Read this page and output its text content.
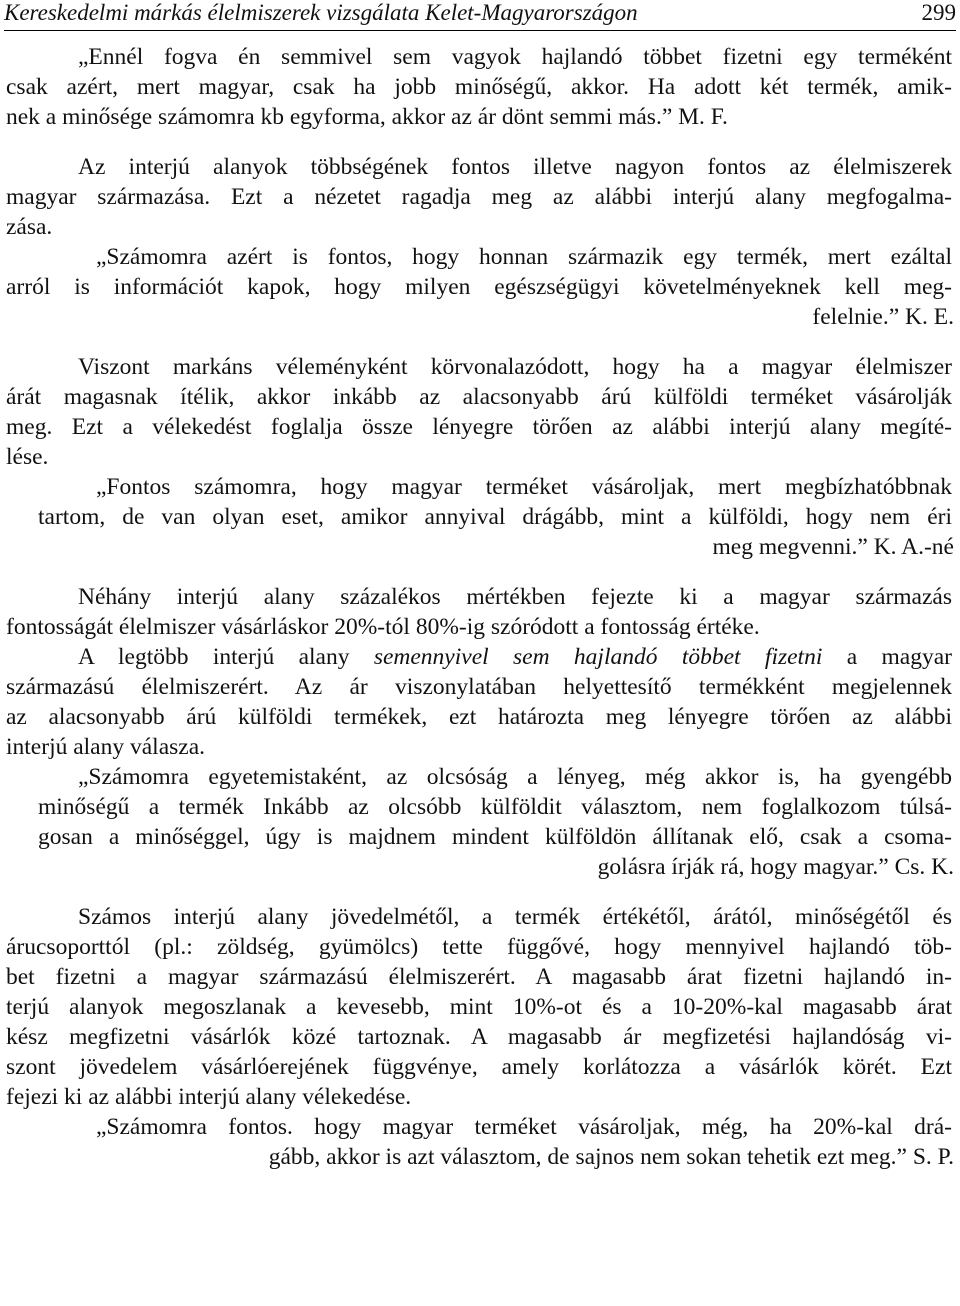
Kereskedelmi márkás élelmiszerek vizsgálata Kelet-Magyarországon	299
„Ennél fogva én semmivel sem vagyok hajlandó többet fizetni egy terméként
csak azért, mert magyar, csak ha jobb minőségű, akkor. Ha adott két termék, amik-
nek a minősége számomra kb egyforma, akkor az ár dönt semmi más.” M. F.
Az interjú alanyok többségének fontos illetve nagyon fontos az élelmiszerek
magyar származása. Ezt a nézetet ragadja meg az alábbi interjú alany megfogalma-
zása.
„Számomra azért is fontos, hogy honnan származik egy termék, mert ezáltal
arról is információt kapok, hogy milyen egészségügyi követelményeknek kell meg-
felelnie.” K. E.
Viszont markáns véleményként körvonalazódott, hogy ha a magyar élelmiszer
árát magasnak ítélik, akkor inkább az alacsonyabb árú külföldi terméket vásárolják
meg. Ezt a vélekedést foglalja össze lényegre törően az alábbi interjú alany megíté-
lése.
„Fontos számomra, hogy magyar terméket vásároljak, mert megbízhatóbbnak
tartom, de van olyan eset, amikor annyival drágább, mint a külföldi, hogy nem éri
meg megvenni.” K. A.-né
Néhány interjú alany százalékos mértékben fejezte ki a magyar származás
fontosságát élelmiszer vásárláskor 20%-tól 80%-ig szóródott a fontosság értéke.
A legtöbb interjú alany semennyivel sem hajlandó többet fizetni a magyar
származású élelmiszerért. Az ár viszonylatában helyettesítő termékként megjelennek
az alacsonyabb árú külföldi termékek, ezt határozta meg lényegre törően az alábbi
interjú alany válasza.
„Számomra egyetemistaként, az olcsóság a lényeg, még akkor is, ha gyengébb
minőségű a termék Inkább az olcsóbb külföldit választom, nem foglalkozom túlsá-
gosan a minőséggel, úgy is majdnem mindent külföldön állítanak elő, csak a csoma-
golásra írják rá, hogy magyar.” Cs. K.
Számos interjú alany jövedelmétől, a termék értékétől, árától, minőségétől és
árucsoporttól (pl.: zöldség, gyümölcs) tette függővé, hogy mennyivel hajlandó töb-
bet fizetni a magyar származású élelmiszerért. A magasabb árat fizetni hajlandó in-
terjú alanyok megoszlanak a kevesebb, mint 10%-ot és a 10-20%-kal magasabb árat
kész megfizetni vásárlók közé tartoznak. A magasabb ár megfizetési hajlandóság vi-
szont jövedelem vásárlóerejének függvénye, amely korlátozza a vásárlók körét. Ezt
fejezi ki az alábbi interjú alany vélekedése.
„Számomra fontos. hogy magyar terméket vásároljak, még, ha 20%-kal drá-
gább, akkor is azt választom, de sajnos nem sokan tehetik ezt meg.” S. P.
